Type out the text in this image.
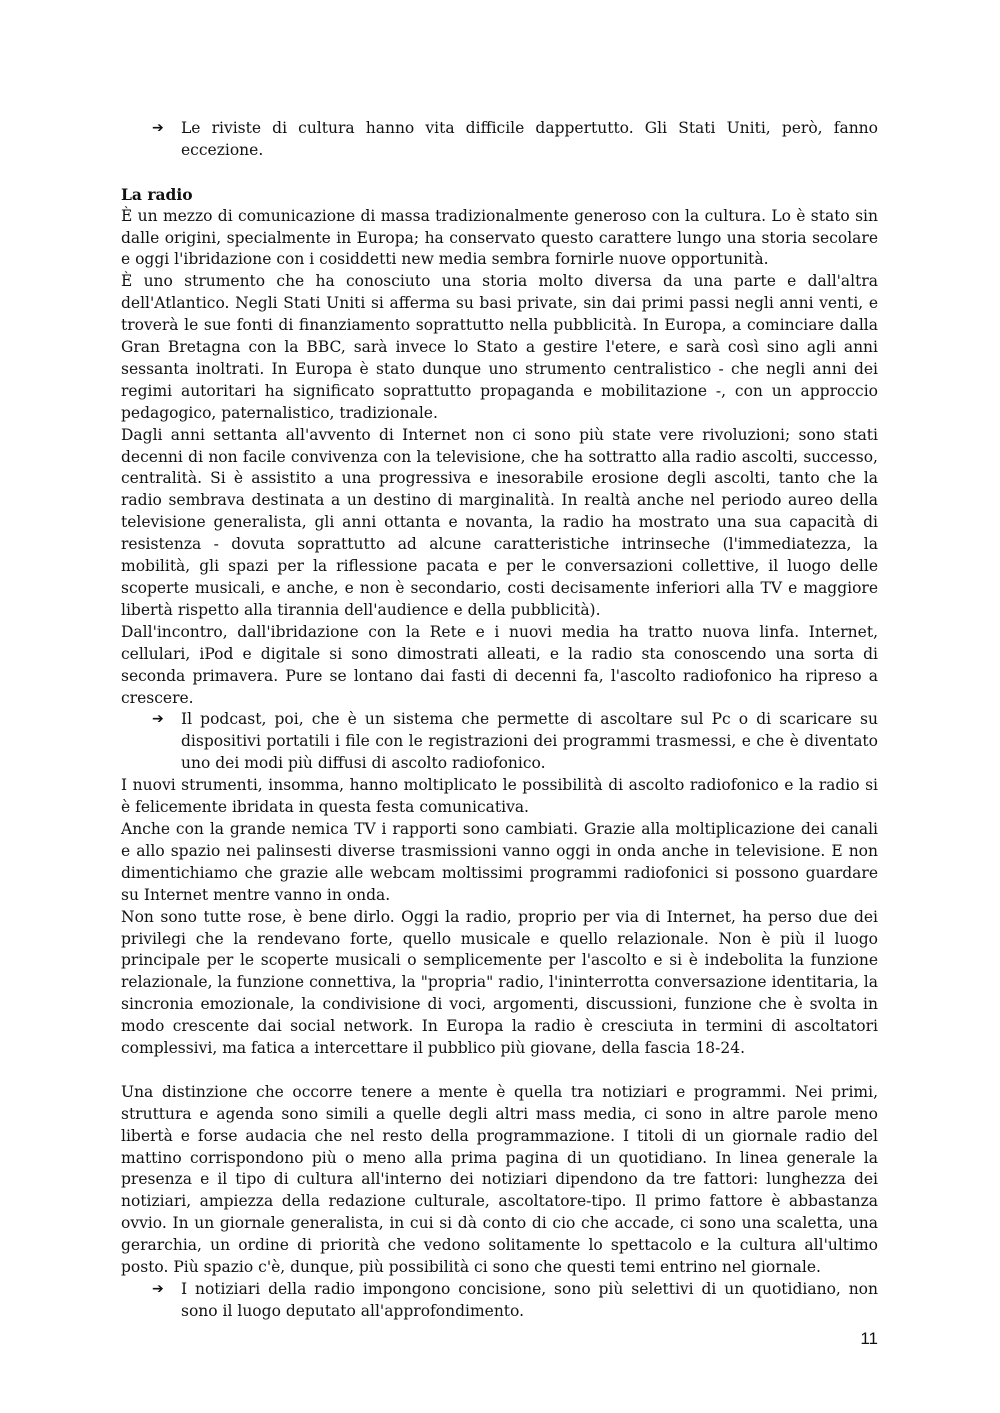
➔ Le riviste di cultura hanno vita difficile dappertutto. Gli Stati Uniti, però, fanno eccezione.

La radio

È un mezzo di comunicazione di massa tradizionalmente generoso con la cultura. Lo è stato sin dalle origini, specialmente in Europa; ha conservato questo carattere lungo una storia secolare e oggi l'ibridazione con i cosiddetti new media sembra fornirle nuove opportunità.

È uno strumento che ha conosciuto una storia molto diversa da una parte e dall'altra dell'Atlantico. Negli Stati Uniti si afferma su basi private, sin dai primi passi negli anni venti, e troverà le sue fonti di finanziamento soprattutto nella pubblicità. In Europa, a cominciare dalla Gran Bretagna con la BBC, sarà invece lo Stato a gestire l'etere, e sarà così sino agli anni sessanta inoltrati. In Europa è stato dunque uno strumento centralistico - che negli anni dei regimi autoritari ha significato soprattutto propaganda e mobilitazione -, con un approccio pedagogico, paternalistico, tradizionale.

Dagli anni settanta all'avvento di Internet non ci sono più state vere rivoluzioni; sono stati decenni di non facile convivenza con la televisione, che ha sottratto alla radio ascolti, successo, centralità. Si è assistito a una progressiva e inesorabile erosione degli ascolti, tanto che la radio sembrava destinata a un destino di marginalità. In realtà anche nel periodo aureo della televisione generalista, gli anni ottanta e novanta, la radio ha mostrato una sua capacità di resistenza - dovuta soprattutto ad alcune caratteristiche intrinseche (l'immediatezza, la mobilità, gli spazi per la riflessione pacata e per le conversazioni collettive, il luogo delle scoperte musicali, e anche, e non è secondario, costi decisamente inferiori alla TV e maggiore libertà rispetto alla tirannia dell'audience e della pubblicità).

Dall'incontro, dall'ibridazione con la Rete e i nuovi media ha tratto nuova linfa. Internet, cellulari, iPod e digitale si sono dimostrati alleati, e la radio sta conoscendo una sorta di seconda primavera. Pure se lontano dai fasti di decenni fa, l'ascolto radiofonico ha ripreso a crescere.

➔ Il podcast, poi, che è un sistema che permette di ascoltare sul Pc o di scaricare su dispositivi portatili i file con le registrazioni dei programmi trasmessi, e che è diventato uno dei modi più diffusi di ascolto radiofonico.

I nuovi strumenti, insomma, hanno moltiplicato le possibilità di ascolto radiofonico e la radio si è felicemente ibridata in questa festa comunicativa.

Anche con la grande nemica TV i rapporti sono cambiati. Grazie alla moltiplicazione dei canali e allo spazio nei palinsesti diverse trasmissioni vanno oggi in onda anche in televisione. E non dimentichiamo che grazie alle webcam moltissimi programmi radiofonici si possono guardare su Internet mentre vanno in onda.

Non sono tutte rose, è bene dirlo. Oggi la radio, proprio per via di Internet, ha perso due dei privilegi che la rendevano forte, quello musicale e quello relazionale. Non è più il luogo principale per le scoperte musicali o semplicemente per l'ascolto e si è indebolita la funzione relazionale, la funzione connettiva, la "propria" radio, l'ininterrotta conversazione identitaria, la sincronia emozionale, la condivisione di voci, argomenti, discussioni, funzione che è svolta in modo crescente dai social network. In Europa la radio è cresciuta in termini di ascoltatori complessivi, ma fatica a intercettare il pubblico più giovane, della fascia 18-24.

Una distinzione che occorre tenere a mente è quella tra notiziari e programmi. Nei primi, struttura e agenda sono simili a quelle degli altri mass media, ci sono in altre parole meno libertà e forse audacia che nel resto della programmazione. I titoli di un giornale radio del mattino corrispondono più o meno alla prima pagina di un quotidiano. In linea generale la presenza e il tipo di cultura all'interno dei notiziari dipendono da tre fattori: lunghezza dei notiziari, ampiezza della redazione culturale, ascoltatore-tipo. Il primo fattore è abbastanza ovvio. In un giornale generalista, in cui si dà conto di cio che accade, ci sono una scaletta, una gerarchia, un ordine di priorità che vedono solitamente lo spettacolo e la cultura all'ultimo posto. Più spazio c'è, dunque, più possibilità ci sono che questi temi entrino nel giornale.

➔ I notiziari della radio impongono concisione, sono più selettivi di un quotidiano, non sono il luogo deputato all'approfondimento.

11
